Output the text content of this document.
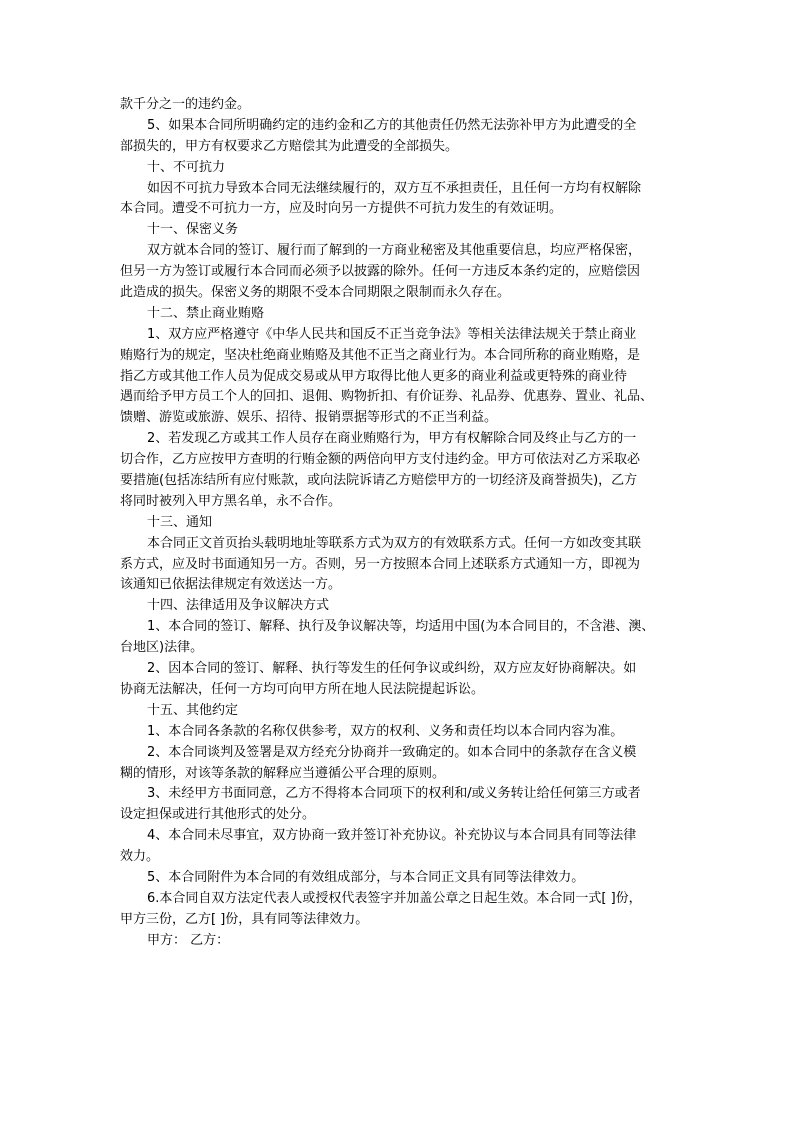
款千分之一的违约金。
5、如果本合同所明确约定的违约金和乙方的其他责任仍然无法弥补甲方为此遭受的全
部损失的，甲方有权要求乙方赔偿其为此遭受的全部损失。
十、不可抗力
如因不可抗力导致本合同无法继续履行的，双方互不承担责任，且任何一方均有权解除
本合同。遭受不可抗力一方，应及时向另一方提供不可抗力发生的有效证明。
十一、保密义务
双方就本合同的签订、履行而了解到的一方商业秘密及其他重要信息，均应严格保密，
但另一方为签订或履行本合同而必须予以披露的除外。任何一方违反本条约定的，应赔偿因
此造成的损失。保密义务的期限不受本合同期限之限制而永久存在。
十二、禁止商业贿赂
1、双方应严格遵守《中华人民共和国反不正当竞争法》等相关法律法规关于禁止商业
贿赂行为的规定，坚决杜绝商业贿赂及其他不正当之商业行为。本合同所称的商业贿赂，是
指乙方或其他工作人员为促成交易或从甲方取得比他人更多的商业利益或更特殊的商业待
遇而给予甲方员工个人的回扣、退佣、购物折扣、有价证券、礼品券、优惠券、置业、礼品、
馈赠、游览或旅游、娱乐、招待、报销票据等形式的不正当利益。
2、若发现乙方或其工作人员存在商业贿赂行为，甲方有权解除合同及终止与乙方的一
切合作，乙方应按甲方查明的行贿金额的两倍向甲方支付违约金。甲方可依法对乙方采取必
要措施(包括冻结所有应付账款，或向法院诉请乙方赔偿甲方的一切经济及商誉损失)，乙方
将同时被列入甲方黑名单，永不合作。
十三、通知
本合同正文首页抬头载明地址等联系方式为双方的有效联系方式。任何一方如改变其联
系方式，应及时书面通知另一方。否则，另一方按照本合同上述联系方式通知一方，即视为
该通知已依据法律规定有效送达一方。
十四、法律适用及争议解决方式
1、本合同的签订、解释、执行及争议解决等，均适用中国(为本合同目的，不含港、澳、
台地区)法律。
2、因本合同的签订、解释、执行等发生的任何争议或纠纷，双方应友好协商解决。如
协商无法解决，任何一方均可向甲方所在地人民法院提起诉讼。
十五、其他约定
1、本合同各条款的名称仅供参考，双方的权利、义务和责任均以本合同内容为准。
2、本合同谈判及签署是双方经充分协商并一致确定的。如本合同中的条款存在含义模
糊的情形，对该等条款的解释应当遵循公平合理的原则。
3、未经甲方书面同意，乙方不得将本合同项下的权利和/或义务转让给任何第三方或者
设定担保或进行其他形式的处分。
4、本合同未尽事宜，双方协商一致并签订补充协议。补充协议与本合同具有同等法律
效力。
5、本合同附件为本合同的有效组成部分，与本合同正文具有同等法律效力。
6.本合同自双方法定代表人或授权代表签字并加盖公章之日起生效。本合同一式[ ]份，
甲方三份，乙方[ ]份，具有同等法律效力。
甲方： 乙方：
